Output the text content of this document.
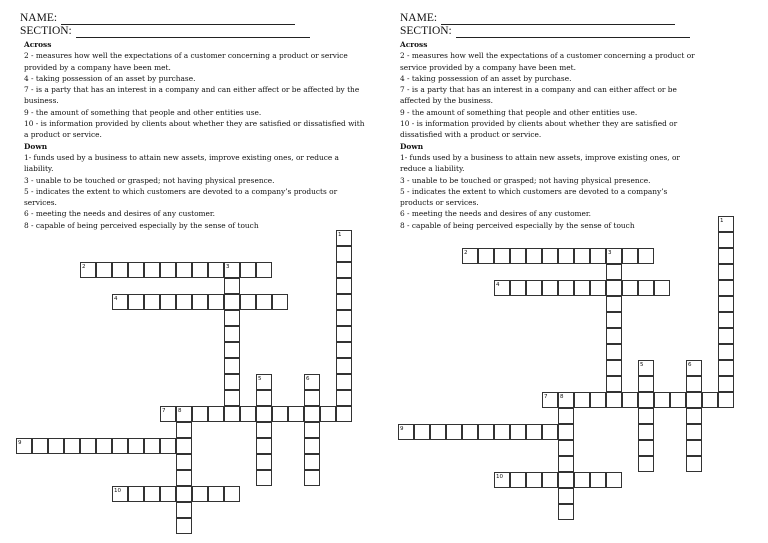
NAME:
SECTION:
Across
2 - measures how well the expectations of a customer concerning a product or service provided by a company have been met.
4 - taking possession of an asset by purchase.
7 - is a party that has an interest in a company and can either affect or be affected by the business.
9 - the amount of something that people and other entities use.
10 - is information provided by clients about whether they are satisfied or dissatisfied with a product or service.
Down
1- funds used by a business to attain new assets, improve existing ones, or reduce a liability.
3 - unable to be touched or grasped; not having physical presence.
5 - indicates the extent to which customers are devoted to a company’s products or services.
6 - meeting the needs and desires of any customer.
8 - capable of being perceived especially by the sense of touch
1
2	3
4
5	6
7 8
9
10
NAME:
SECTION:
Across
2 - measures how well the expectations of a customer concerning a product or service provided by a company have been met.
4 - taking possession of an asset by purchase.
7 - is a party that has an interest in a company and can either affect or be affected by the business.
9 - the amount of something that people and other entities use.
10 - is information provided by clients about whether they are satisfied or dissatisfied with a product or service.
Down
1- funds used by a business to attain new assets, improve existing ones, or reduce a liability.
3 - unable to be touched or grasped; not having physical presence.
5 - indicates the extent to which customers are devoted to a company’s products or services.
6 - meeting the needs and desires of any customer.
8 - capable of being perceived especially by the sense of touch	1
2	3
4
5	6
7 8
9
10
